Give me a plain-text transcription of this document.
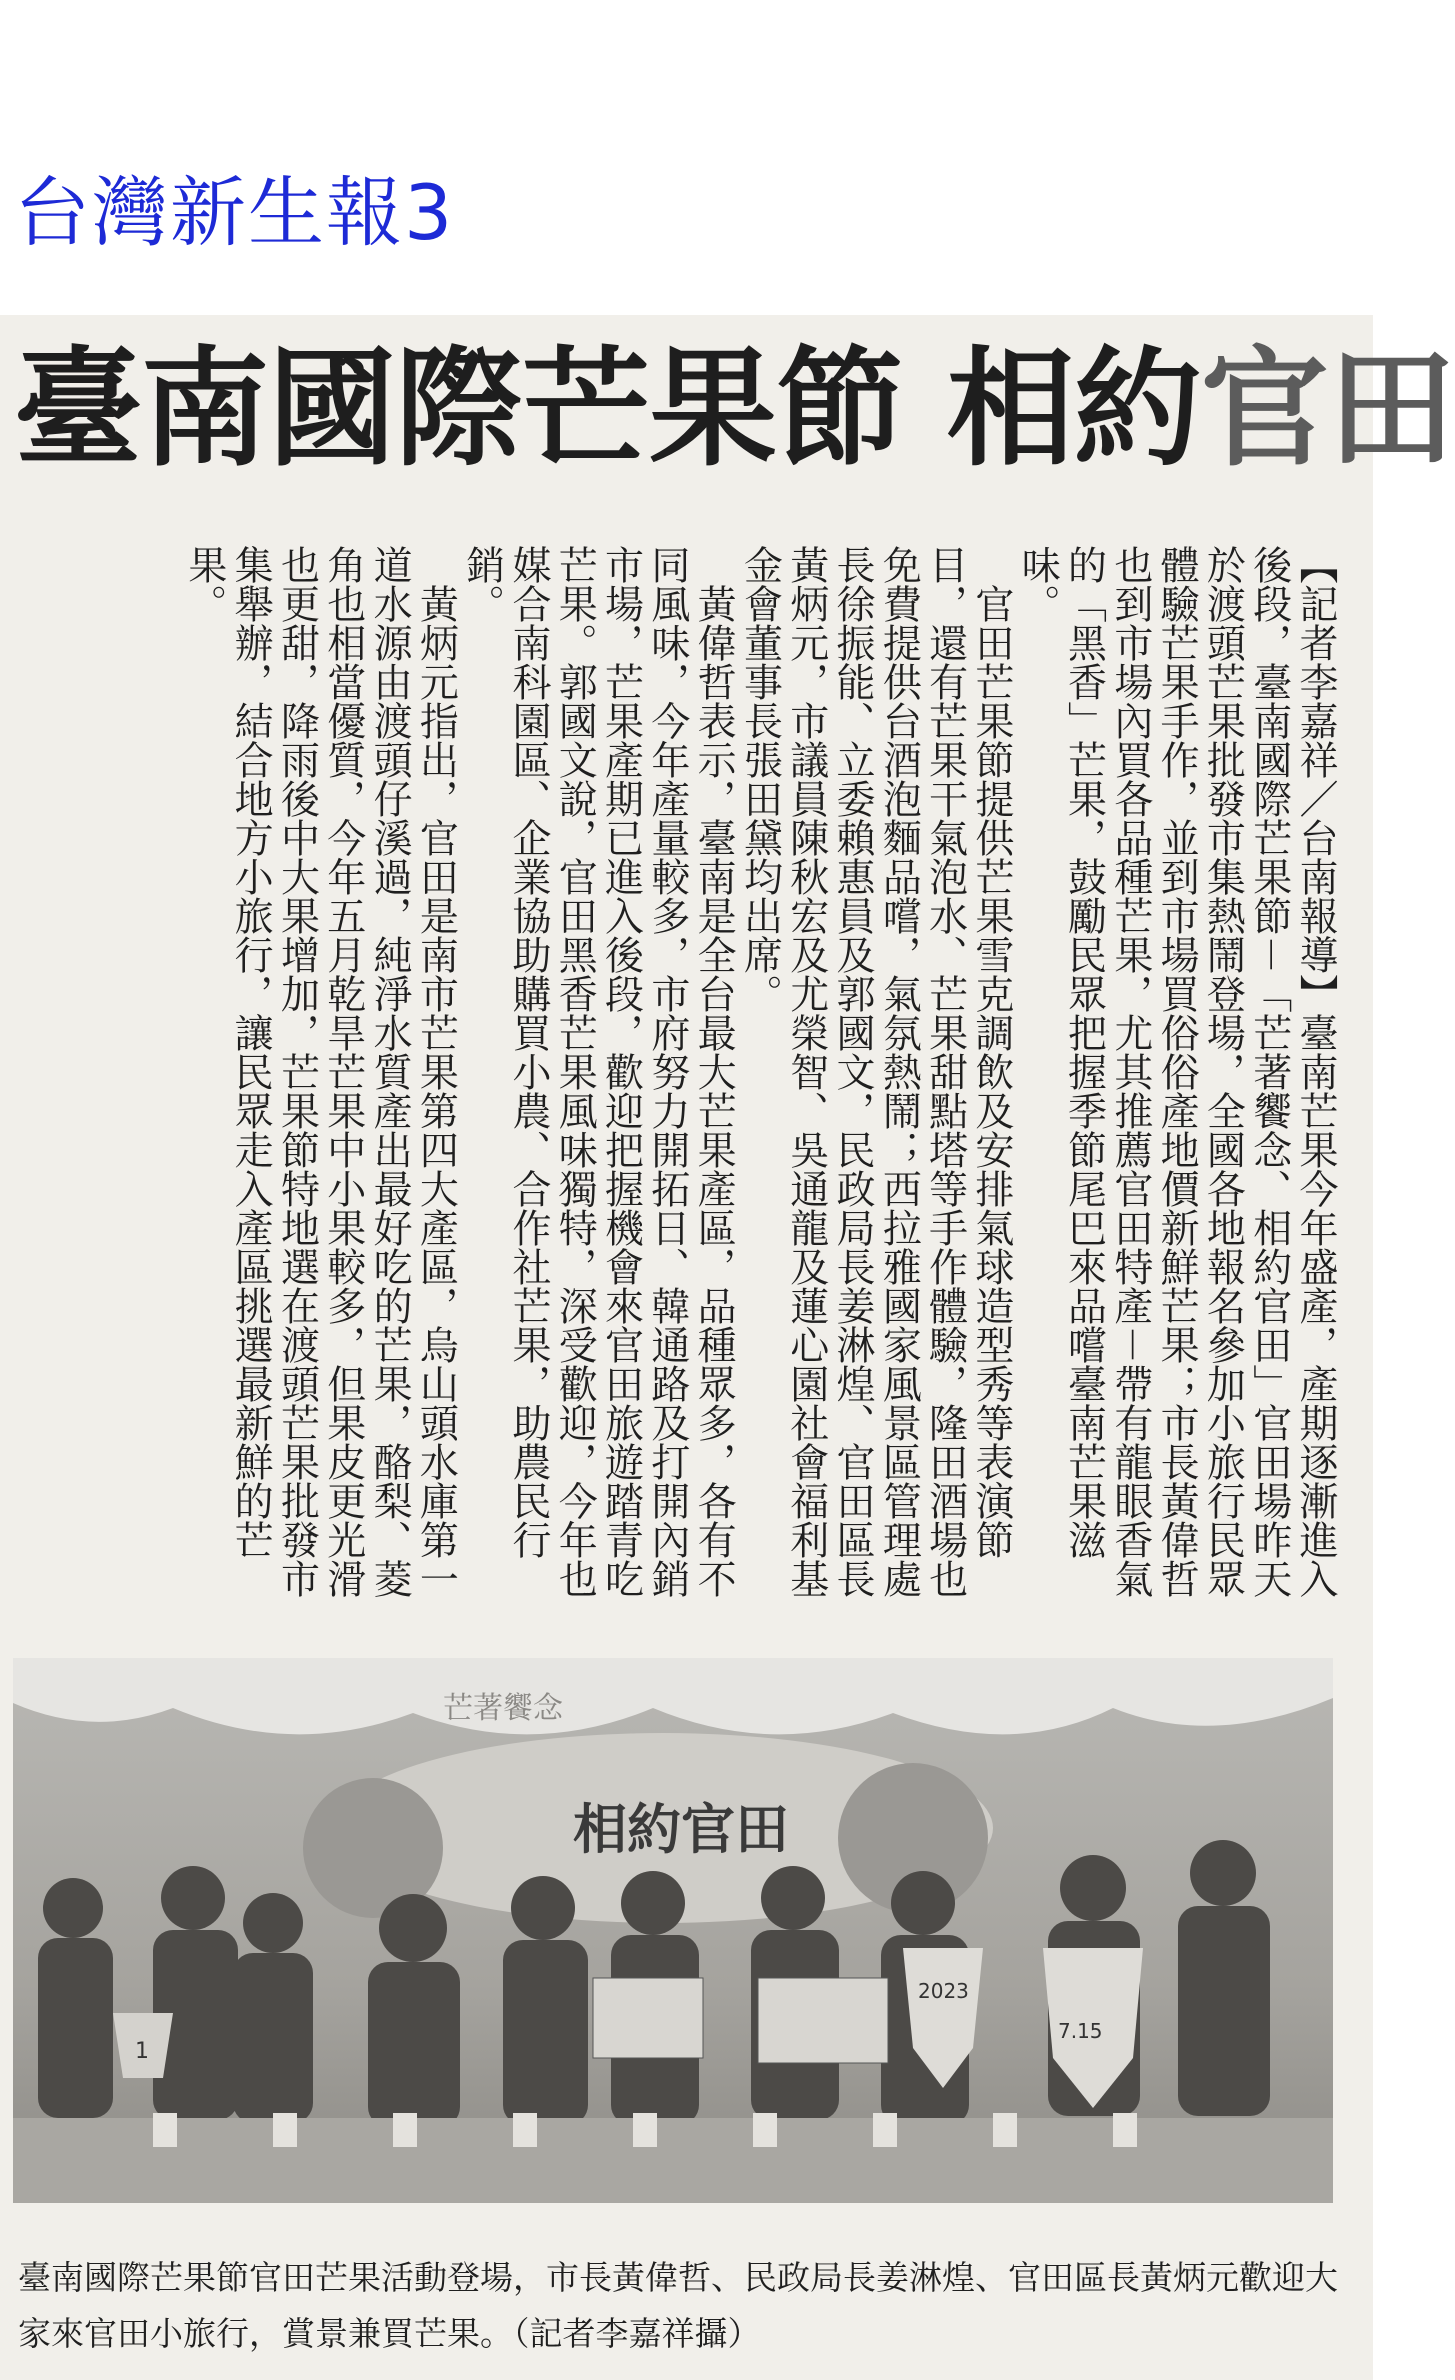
台灣新生報3
臺南國際芒果節 相約官田

【記者李嘉祥／台南報導】臺南芒果今年盛產，產期逐漸進入後段，臺南國際芒果節－「芒著饗念、相約官田」官田場昨天於渡頭芒果批發市集熱鬧登場，全國各地報名參加小旅行民眾體驗芒果手作，並到市場買俗俗產地價新鮮芒果；市長黃偉哲也到市場內買各品種芒果，尤其推薦官田特產－帶有龍眼香氣的「黑香」芒果，鼓勵民眾把握季節尾巴來品嚐臺南芒果滋味。

官田芒果節提供芒果雪克調飲及安排氣球造型秀等表演節目，還有芒果干氣泡水、芒果甜點塔等手作體驗，隆田酒場也免費提供台酒泡麵品嚐，氣氛熱鬧；西拉雅國家風景區管理處長徐振能、立委賴惠員及郭國文，民政局長姜淋煌、官田區長黃炳元，市議員陳秋宏及尤榮智、吳通龍及蓮心園社會福利基金會董事長張田黛均出席。

黃偉哲表示，臺南是全台最大芒果產區，品種眾多，各有不同風味，今年產量較多，市府努力開拓日、韓通路及打開內銷市場，芒果產期已進入後段，歡迎把握機會來官田旅遊踏青吃芒果。郭國文說，官田黑香芒果風味獨特，深受歡迎，今年也媒合南科園區、企業協助購買小農、合作社芒果，助農民行銷。

黃炳元指出，官田是南市芒果第四大產區，烏山頭水庫第一道水源由渡頭仔溪過，純淨水質產出最好吃的芒果，酪梨、菱角也相當優質，今年五月乾旱芒果中小果較多，但果皮更光滑也更甜，降雨後中大果增加，芒果節特地選在渡頭芒果批發市集舉辦，結合地方小旅行，讓民眾走入產區挑選最新鮮的芒果。

相約官田
芒著饗念
2023
7.15
1

臺南國際芒果節官田芒果活動登場，市長黃偉哲、民政局長姜淋煌、官田區長黃炳元歡迎大家來官田小旅行，賞景兼買芒果。（記者李嘉祥攝）
